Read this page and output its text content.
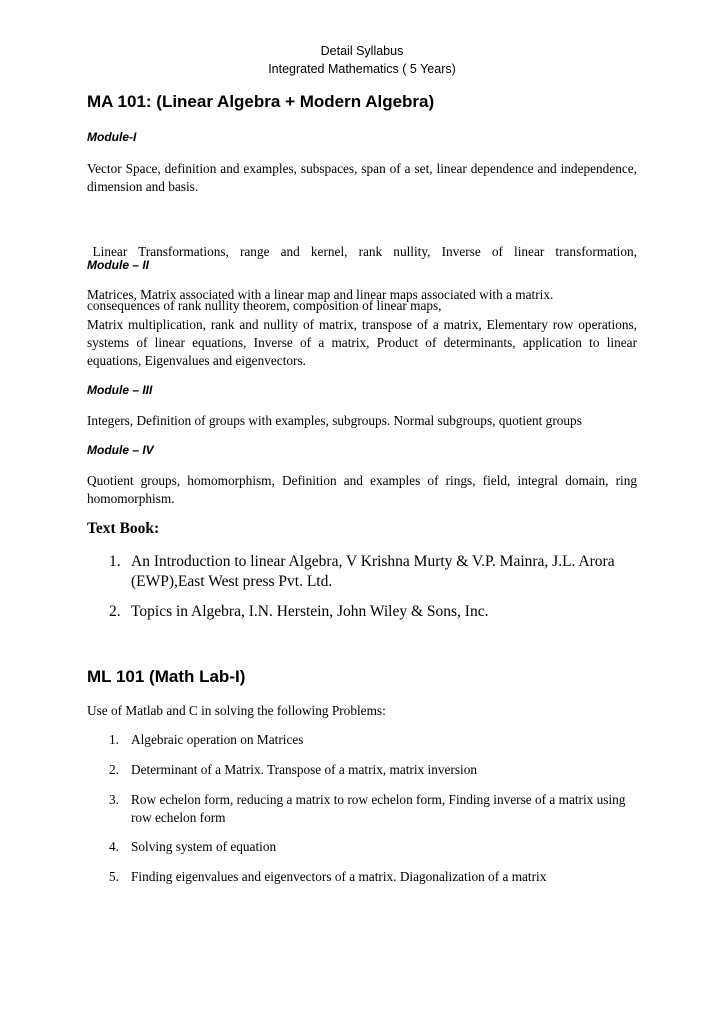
Detail Syllabus
Integrated Mathematics ( 5 Years)
MA 101: (Linear Algebra + Modern Algebra)
Module-I
Vector Space, definition and examples, subspaces, span of a set, linear dependence and independence,
dimension and basis.

Linear  Transformations,  range  and  kernel,  rank  nullity,  Inverse  of  linear  transformation,

consequences of rank nullity theorem, composition of linear maps,

Module – II
Matrices, Matrix associated with a linear map and linear maps associated with a matrix.
Matrix multiplication, rank and nullity of matrix, transpose of a matrix, Elementary row operations,
systems of linear equations, Inverse of a matrix, Product of determinants, application to linear
equations, Eigenvalues and eigenvectors.
Module – III
Integers, Definition of groups with examples, subgroups. Normal subgroups, quotient groups
Module – IV
Quotient groups, homomorphism, Definition and examples of rings, field, integral domain, ring
homomorphism.
Text Book:
1. An Introduction to linear Algebra, V Krishna Murty & V.P. Mainra, J.L. Arora
(EWP),East West press Pvt. Ltd.
2. Topics in Algebra, I.N. Herstein, John Wiley & Sons, Inc.
ML 101 (Math Lab-I)
Use of Matlab and C in solving the following Problems:
1. Algebraic operation on Matrices
2. Determinant of a Matrix. Transpose of a matrix, matrix inversion
3. Row echelon form, reducing a matrix to row echelon form, Finding inverse of a matrix using
row echelon form
4. Solving system of equation
5. Finding eigenvalues and eigenvectors of a matrix. Diagonalization of a matrix
